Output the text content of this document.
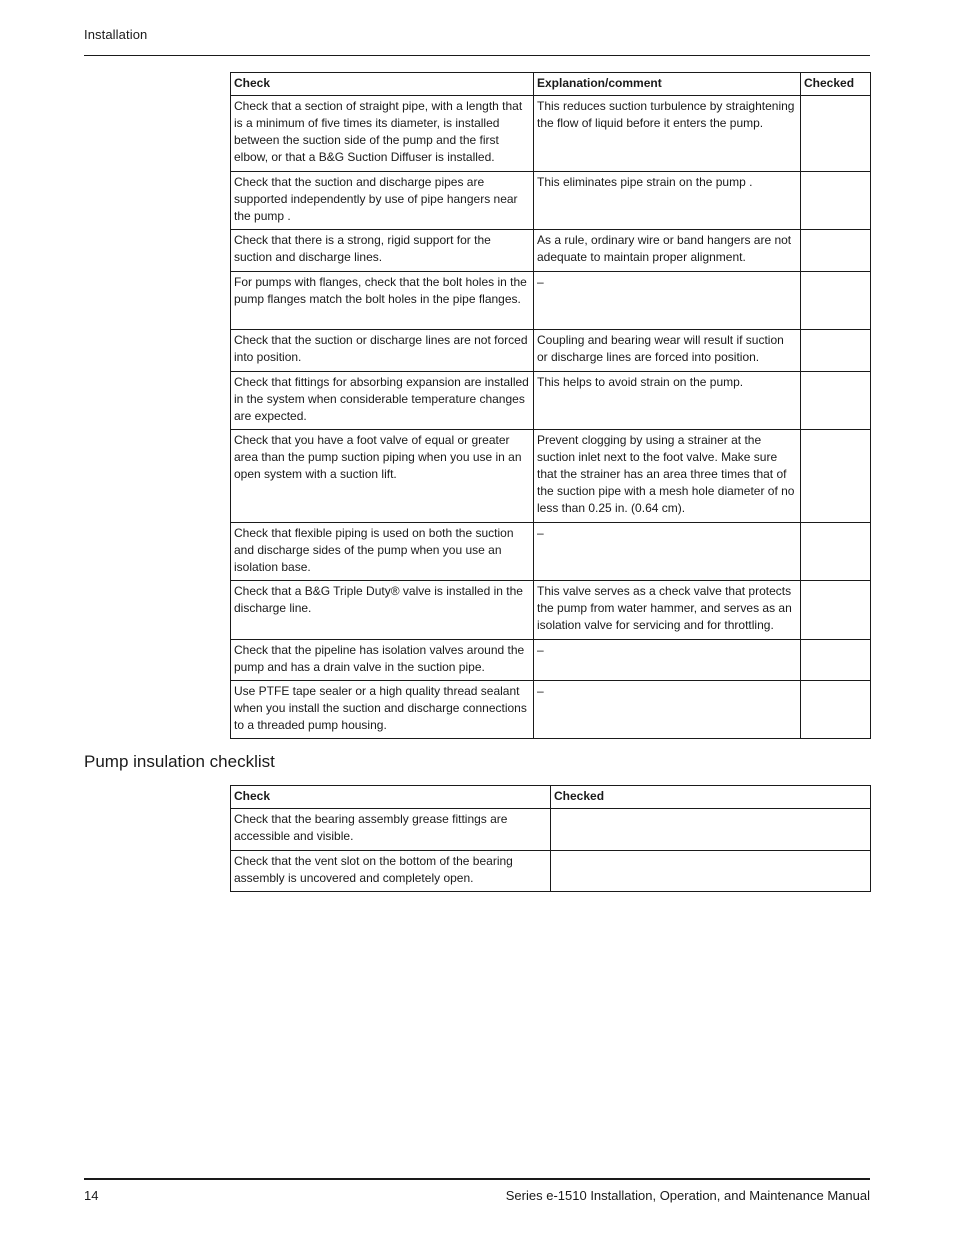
Installation
Check	Explanation/comment	Checked
Check that a section of straight pipe, with a length that is a minimum of five times its diameter, is installed between the suction side of the pump and the first elbow, or that a B&G Suction Diffuser is installed.	This reduces suction turbulence by straightening the flow of liquid before it enters the pump.	
Check that the suction and discharge pipes are supported independently by use of pipe hangers near the pump .	This eliminates pipe strain on the pump .	
Check that there is a strong, rigid support for the suction and discharge lines.	As a rule, ordinary wire or band hangers are not adequate to maintain proper alignment.	
For pumps with flanges, check that the bolt holes in the pump flanges match the bolt holes in the pipe flanges.	–	
Check that the suction or discharge lines are not forced into position.	Coupling and bearing wear will result if suction or discharge lines are forced into position.	
Check that fittings for absorbing expansion are installed in the system when considerable temperature changes are expected.	This helps to avoid strain on the pump.	
Check that you have a foot valve of equal or greater area than the pump suction piping when you use in an open system with a suction lift.	Prevent clogging by using a strainer at the suction inlet next to the foot valve. Make sure that the strainer has an area three times that of the suction pipe with a mesh hole diameter of no less than 0.25 in. (0.64 cm).	
Check that flexible piping is used on both the suction and discharge sides of the pump when you use an isolation base.	–	
Check that a B&G Triple Duty® valve is installed in the discharge line.	This valve serves as a check valve that protects the pump from water hammer, and serves as an isolation valve for servicing and for throttling.	
Check that the pipeline has isolation valves around the pump and has a drain valve in the suction pipe.	–	
Use PTFE tape sealer or a high quality thread sealant when you install the suction and discharge connections to a threaded pump housing.	–	
Pump insulation checklist
Check	Checked
Check that the bearing assembly grease fittings are accessible and visible.	
Check that the vent slot on the bottom of the bearing assembly is uncovered and completely open.	
14	Series e-1510 Installation, Operation, and Maintenance Manual
